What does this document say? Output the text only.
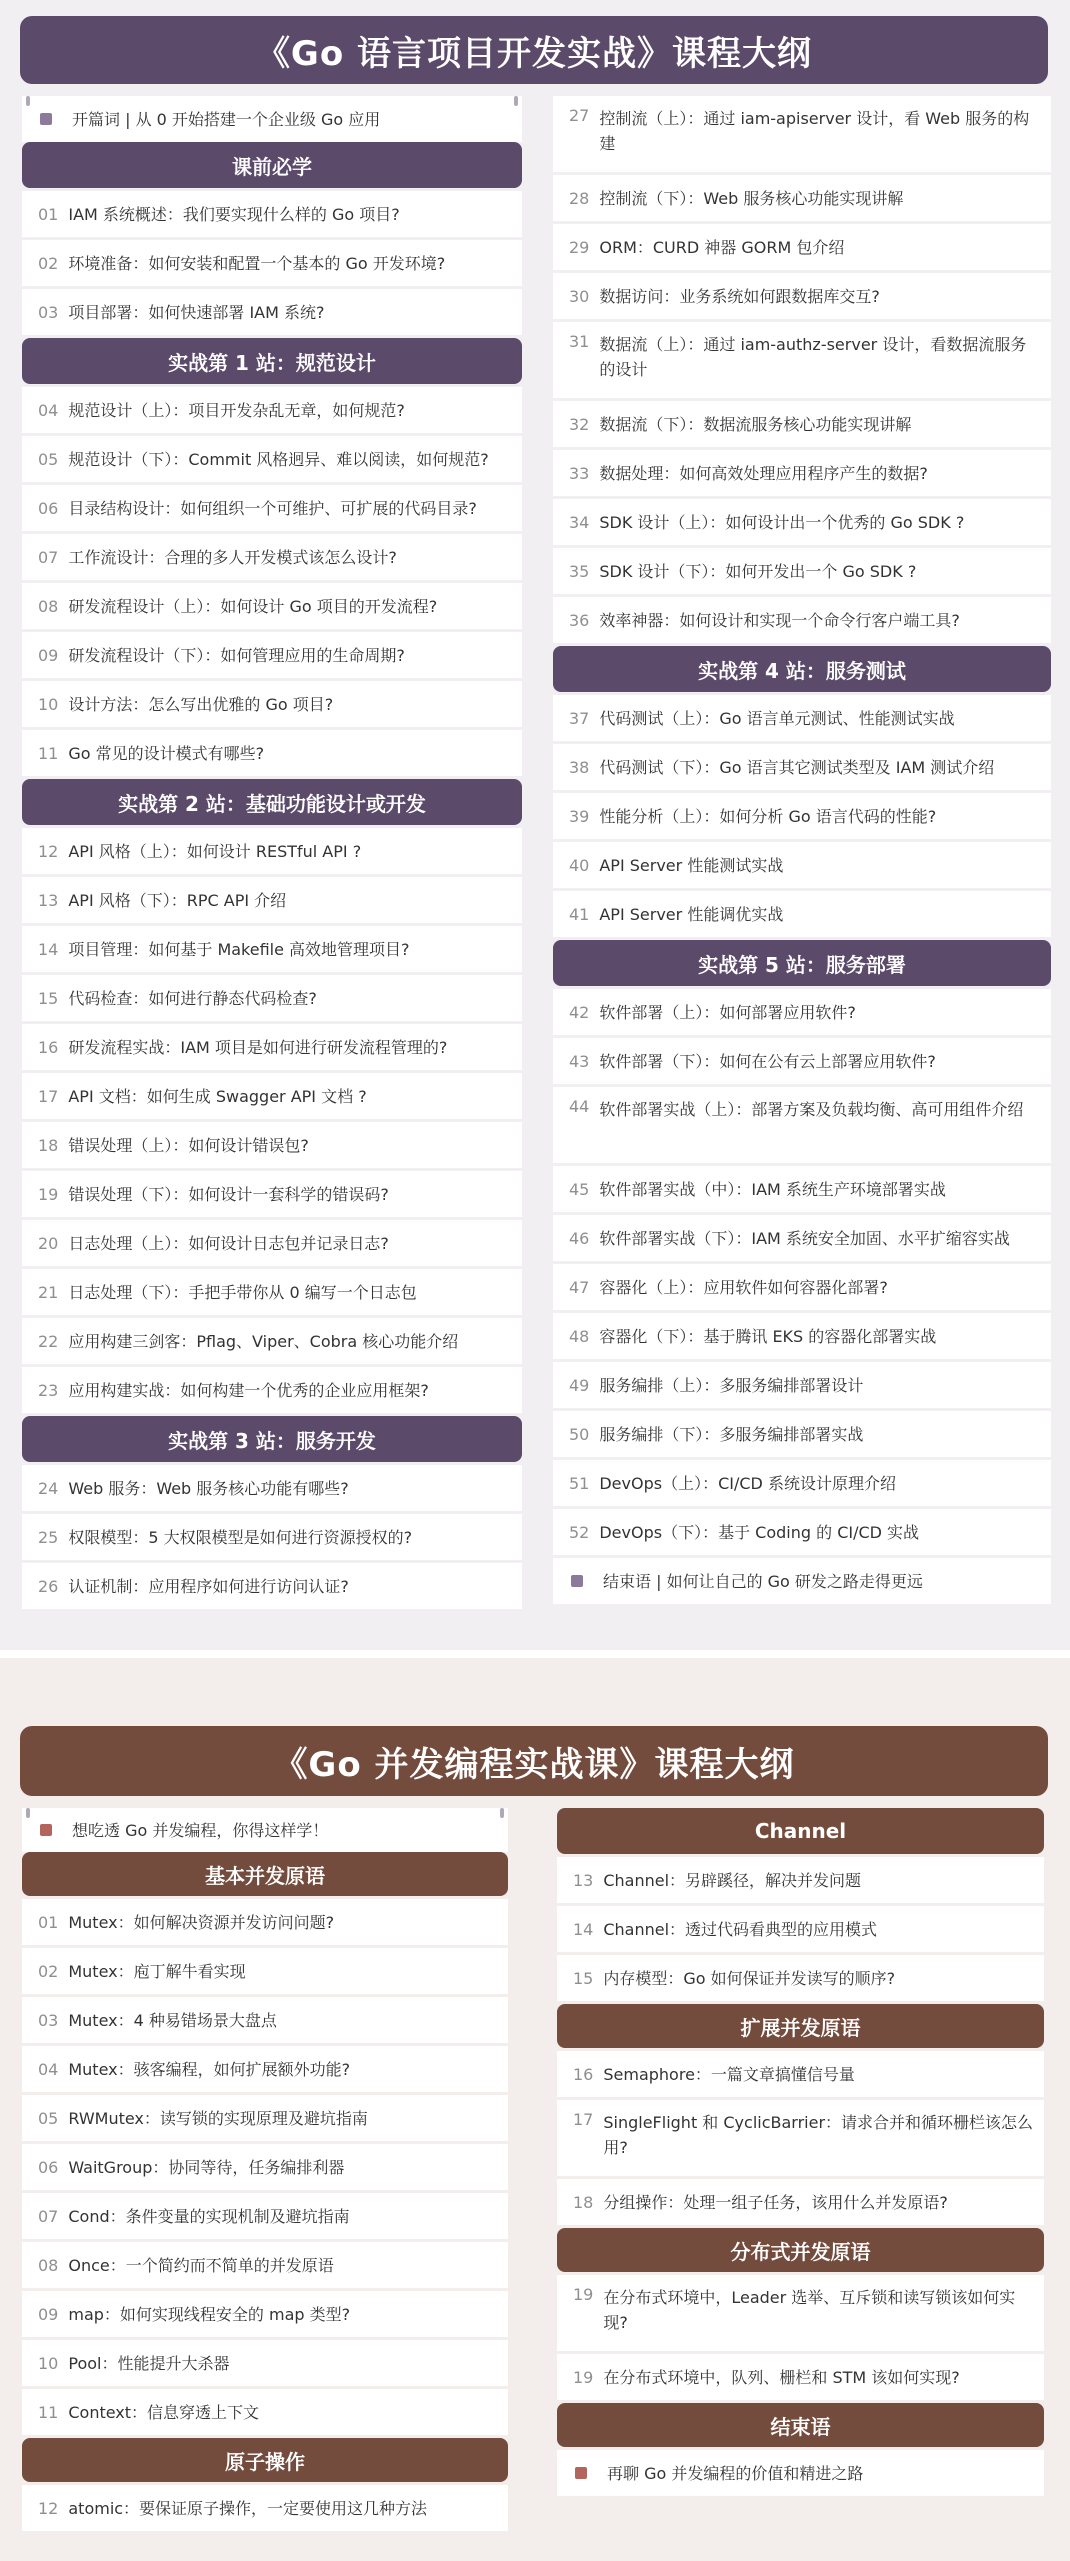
《Go 语言项目开发实战》课程大纲
开篇词 | 从 0 开始搭建一个企业级 Go 应用
课前必学
01 IAM 系统概述：我们要实现什么样的 Go 项目?
02 环境准备：如何安装和配置一个基本的 Go 开发环境?
03 项目部署：如何快速部署 IAM 系统?
实战第 1 站：规范设计
04 规范设计（上）：项目开发杂乱无章，如何规范?
05 规范设计（下）：Commit 风格迥异、难以阅读，如何规范?
06 目录结构设计：如何组织一个可维护、可扩展的代码目录?
07 工作流设计：合理的多人开发模式该怎么设计?
08 研发流程设计（上）：如何设计 Go 项目的开发流程?
09 研发流程设计（下）：如何管理应用的生命周期?
10 设计方法：怎么写出优雅的 Go 项目?
11 Go 常见的设计模式有哪些?
实战第 2 站：基础功能设计或开发
12 API 风格（上）：如何设计 RESTful API ?
13 API 风格（下）：RPC API 介绍
14 项目管理：如何基于 Makefile 高效地管理项目?
15 代码检查：如何进行静态代码检查?
16 研发流程实战：IAM 项目是如何进行研发流程管理的?
17 API 文档：如何生成 Swagger API 文档 ?
18 错误处理（上）：如何设计错误包?
19 错误处理（下）：如何设计一套科学的错误码?
20 日志处理（上）：如何设计日志包并记录日志?
21 日志处理（下）：手把手带你从 0 编写一个日志包
22 应用构建三剑客：Pflag、Viper、Cobra 核心功能介绍
23 应用构建实战：如何构建一个优秀的企业应用框架?
实战第 3 站：服务开发
24 Web 服务：Web 服务核心功能有哪些?
25 权限模型：5 大权限模型是如何进行资源授权的?
26 认证机制：应用程序如何进行访问认证?
27 控制流（上）：通过 iam-apiserver 设计，看 Web 服务的构建
28 控制流（下）：Web 服务核心功能实现讲解
29 ORM：CURD 神器 GORM 包介绍
30 数据访问：业务系统如何跟数据库交互?
31 数据流（上）：通过 iam-authz-server 设计，看数据流服务的设计
32 数据流（下）：数据流服务核心功能实现讲解
33 数据处理：如何高效处理应用程序产生的数据?
34 SDK 设计（上）：如何设计出一个优秀的 Go SDK ?
35 SDK 设计（下）：如何开发出一个 Go SDK ?
36 效率神器：如何设计和实现一个命令行客户端工具?
实战第 4 站：服务测试
37 代码测试（上）：Go 语言单元测试、性能测试实战
38 代码测试（下）：Go 语言其它测试类型及 IAM 测试介绍
39 性能分析（上）：如何分析 Go 语言代码的性能?
40 API Server 性能测试实战
41 API Server 性能调优实战
实战第 5 站：服务部署
42 软件部署（上）：如何部署应用软件?
43 软件部署（下）：如何在公有云上部署应用软件?
44 软件部署实战（上）：部署方案及负载均衡、高可用组件介绍
45 软件部署实战（中）：IAM 系统生产环境部署实战
46 软件部署实战（下）：IAM 系统安全加固、水平扩缩容实战
47 容器化（上）：应用软件如何容器化部署?
48 容器化（下）：基于腾讯 EKS 的容器化部署实战
49 服务编排（上）：多服务编排部署设计
50 服务编排（下）：多服务编排部署实战
51 DevOps（上）：CI/CD 系统设计原理介绍
52 DevOps（下）：基于 Coding 的 CI/CD 实战
结束语 | 如何让自己的 Go 研发之路走得更远
《Go 并发编程实战课》课程大纲
想吃透 Go 并发编程，你得这样学！
基本并发原语
01 Mutex：如何解决资源并发访问问题?
02 Mutex：庖丁解牛看实现
03 Mutex：4 种易错场景大盘点
04 Mutex：骇客编程，如何扩展额外功能?
05 RWMutex：读写锁的实现原理及避坑指南
06 WaitGroup：协同等待，任务编排利器
07 Cond：条件变量的实现机制及避坑指南
08 Once：一个简约而不简单的并发原语
09 map：如何实现线程安全的 map 类型?
10 Pool：性能提升大杀器
11 Context：信息穿透上下文
原子操作
12 atomic：要保证原子操作，一定要使用这几种方法
Channel
13 Channel：另辟蹊径，解决并发问题
14 Channel：透过代码看典型的应用模式
15 内存模型：Go 如何保证并发读写的顺序?
扩展并发原语
16 Semaphore：一篇文章搞懂信号量
17 SingleFlight 和 CyclicBarrier：请求合并和循环栅栏该怎么用?
18 分组操作：处理一组子任务，该用什么并发原语?
分布式并发原语
19 在分布式环境中，Leader 选举、互斥锁和读写锁该如何实现?
19 在分布式环境中，队列、栅栏和 STM 该如何实现?
结束语
再聊 Go 并发编程的价值和精进之路
